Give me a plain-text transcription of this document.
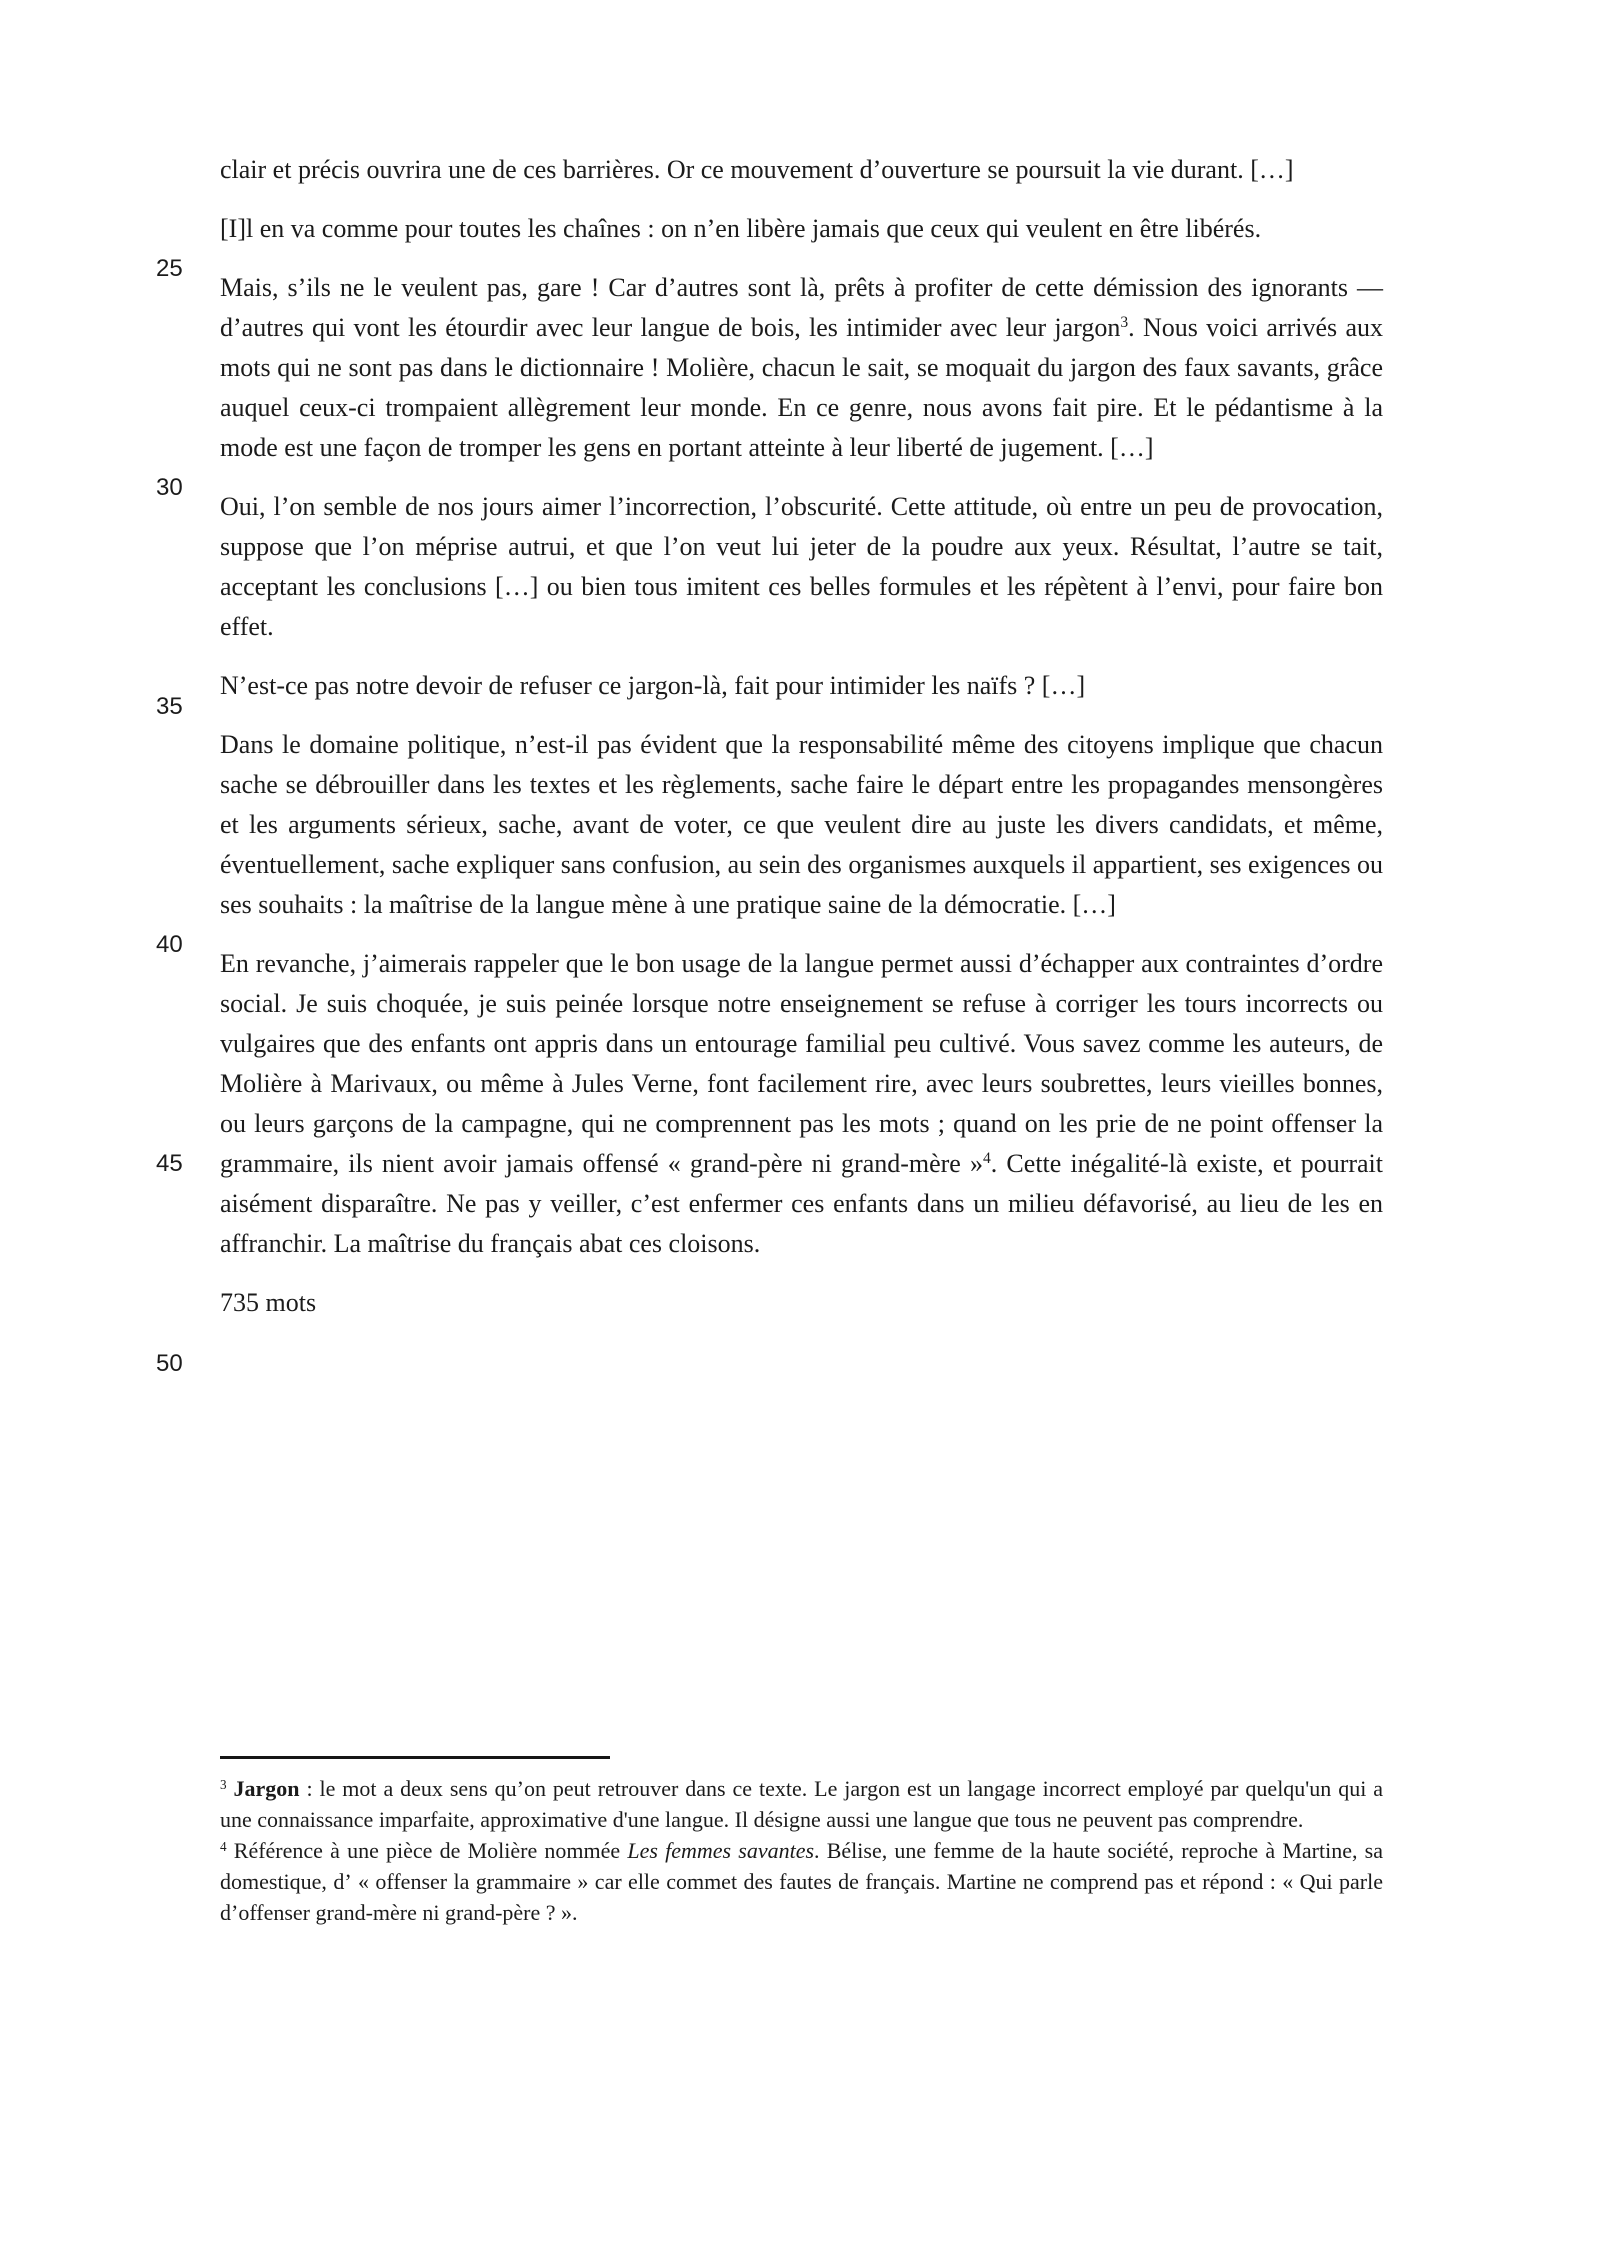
25
30
35
40
45
50

clair et précis ouvrira une de ces barrières. Or ce mouvement d’ouverture se poursuit la vie durant. […]

[I]l en va comme pour toutes les chaînes : on n’en libère jamais que ceux qui veulent en être libérés.

Mais, s’ils ne le veulent pas, gare ! Car d’autres sont là, prêts à profiter de cette démission des ignorants — d’autres qui vont les étourdir avec leur langue de bois, les intimider avec leur jargon$^3$. Nous voici arrivés aux mots qui ne sont pas dans le dictionnaire ! Molière, chacun le sait, se moquait du jargon des faux savants, grâce auquel ceux-ci trompaient allègrement leur monde. En ce genre, nous avons fait pire. Et le pédantisme à la mode est une façon de tromper les gens en portant atteinte à leur liberté de jugement. […]

Oui, l’on semble de nos jours aimer l’incorrection, l’obscurité. Cette attitude, où entre un peu de provocation, suppose que l’on méprise autrui, et que l’on veut lui jeter de la poudre aux yeux. Résultat, l’autre se tait, acceptant les conclusions […] ou bien tous imitent ces belles formules et les répètent à l’envi, pour faire bon effet.

N’est-ce pas notre devoir de refuser ce jargon-là, fait pour intimider les naïfs ? […]

Dans le domaine politique, n’est-il pas évident que la responsabilité même des citoyens implique que chacun sache se débrouiller dans les textes et les règlements, sache faire le départ entre les propagandes mensongères et les arguments sérieux, sache, avant de voter, ce que veulent dire au juste les divers candidats, et même, éventuellement, sache expliquer sans confusion, au sein des organismes auxquels il appartient, ses exigences ou ses souhaits : la maîtrise de la langue mène à une pratique saine de la démocratie. […]

En revanche, j’aimerais rappeler que le bon usage de la langue permet aussi d’échapper aux contraintes d’ordre social. Je suis choquée, je suis peinée lorsque notre enseignement se refuse à corriger les tours incorrects ou vulgaires que des enfants ont appris dans un entourage familial peu cultivé. Vous savez comme les auteurs, de Molière à Marivaux, ou même à Jules Verne, font facilement rire, avec leurs soubrettes, leurs vieilles bonnes, ou leurs garçons de la campagne, qui ne comprennent pas les mots ; quand on les prie de ne point offenser la grammaire, ils nient avoir jamais offensé « grand-père ni grand-mère »$^4$. Cette inégalité-là existe, et pourrait aisément disparaître. Ne pas y veiller, c’est enfermer ces enfants dans un milieu défavorisé, au lieu de les en affranchir. La maîtrise du français abat ces cloisons.

735 mots

$^3$ Jargon : le mot a deux sens qu’on peut retrouver dans ce texte. Le jargon est un langage incorrect employé par quelqu'un qui a une connaissance imparfaite, approximative d'une langue. Il désigne aussi une langue que tous ne peuvent pas comprendre.

$^4$ Référence à une pièce de Molière nommée Les femmes savantes. Bélise, une femme de la haute société, reproche à Martine, sa domestique, d’ « offenser la grammaire » car elle commet des fautes de français. Martine ne comprend pas et répond : « Qui parle d’offenser grand-mère ni grand-père ? ».
